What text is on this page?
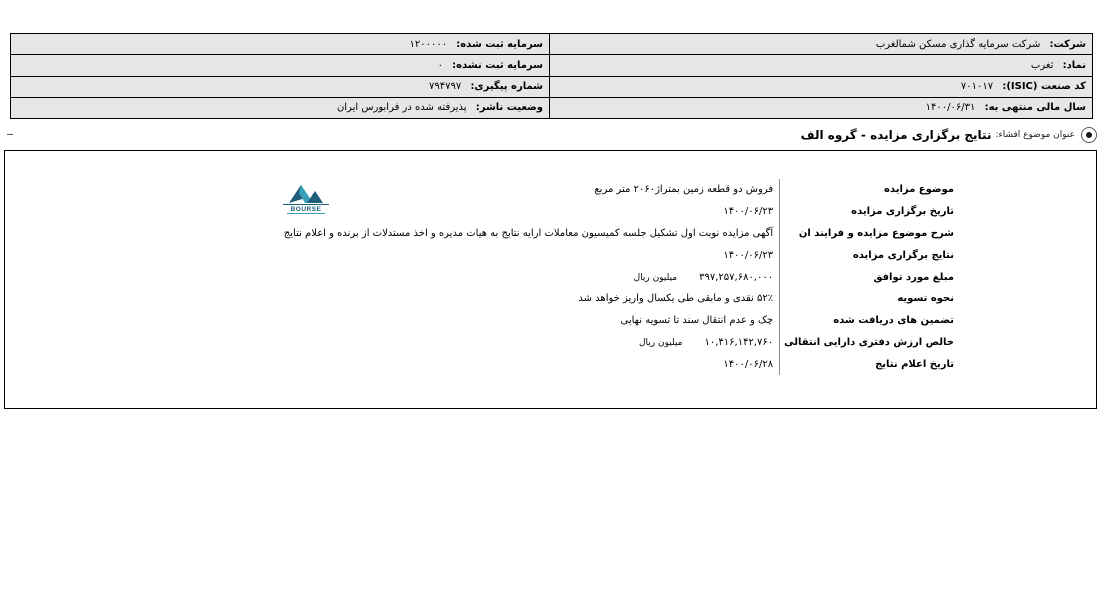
شرکت: شرکت سرمایه گذاری مسکن شمالغرب	سرمایه ثبت شده: ۱۲۰۰۰۰۰
نماد: ثغرب	سرمایه ثبت نشده: ۰
کد صنعت (ISIC): ۷۰۱۰۱۷	شماره پیگیری: ۷۹۴۷۹۷
سال مالی منتهی به: ۱۴۰۰/۰۶/۳۱	وضعیت ناشر: پذیرفته شده در فرابورس ایران
عنوان موضوع افشاء:
نتایج برگزاری مزایده - گروه الف
BOURSE
موضوع مزایده	فروش دو قطعه زمین بمتراژ۲۰۶۰ متر مربع
تاریخ برگزاری مزایده	۱۴۰۰/۰۶/۲۳
شرح موضوع مزایده و فرایند ان	آگهی مزایده نوبت اول تشکیل جلسه کمیسیون معاملات ارایه نتایج به هیات مدیره و اخذ مستدلات از برنده و اعلام نتایج
نتایج برگزاری مزایده	۱۴۰۰/۰۶/۲۳
مبلغ مورد توافق	۳۹۷,۲۵۷,۶۸۰,۰۰۰میلیون ریال
نحوه تسویه	۵۲٪ نقدی و مابقی طی یکسال واریز خواهد شد
تضمین های دریافت شده	چک و عدم انتقال سند تا تسویه نهایی
خالص ارزش دفتری دارایی انتقالی	۱۰,۴۱۶,۱۴۲,۷۶۰میلیون ریال
تاریخ اعلام نتایج	۱۴۰۰/۰۶/۲۸
